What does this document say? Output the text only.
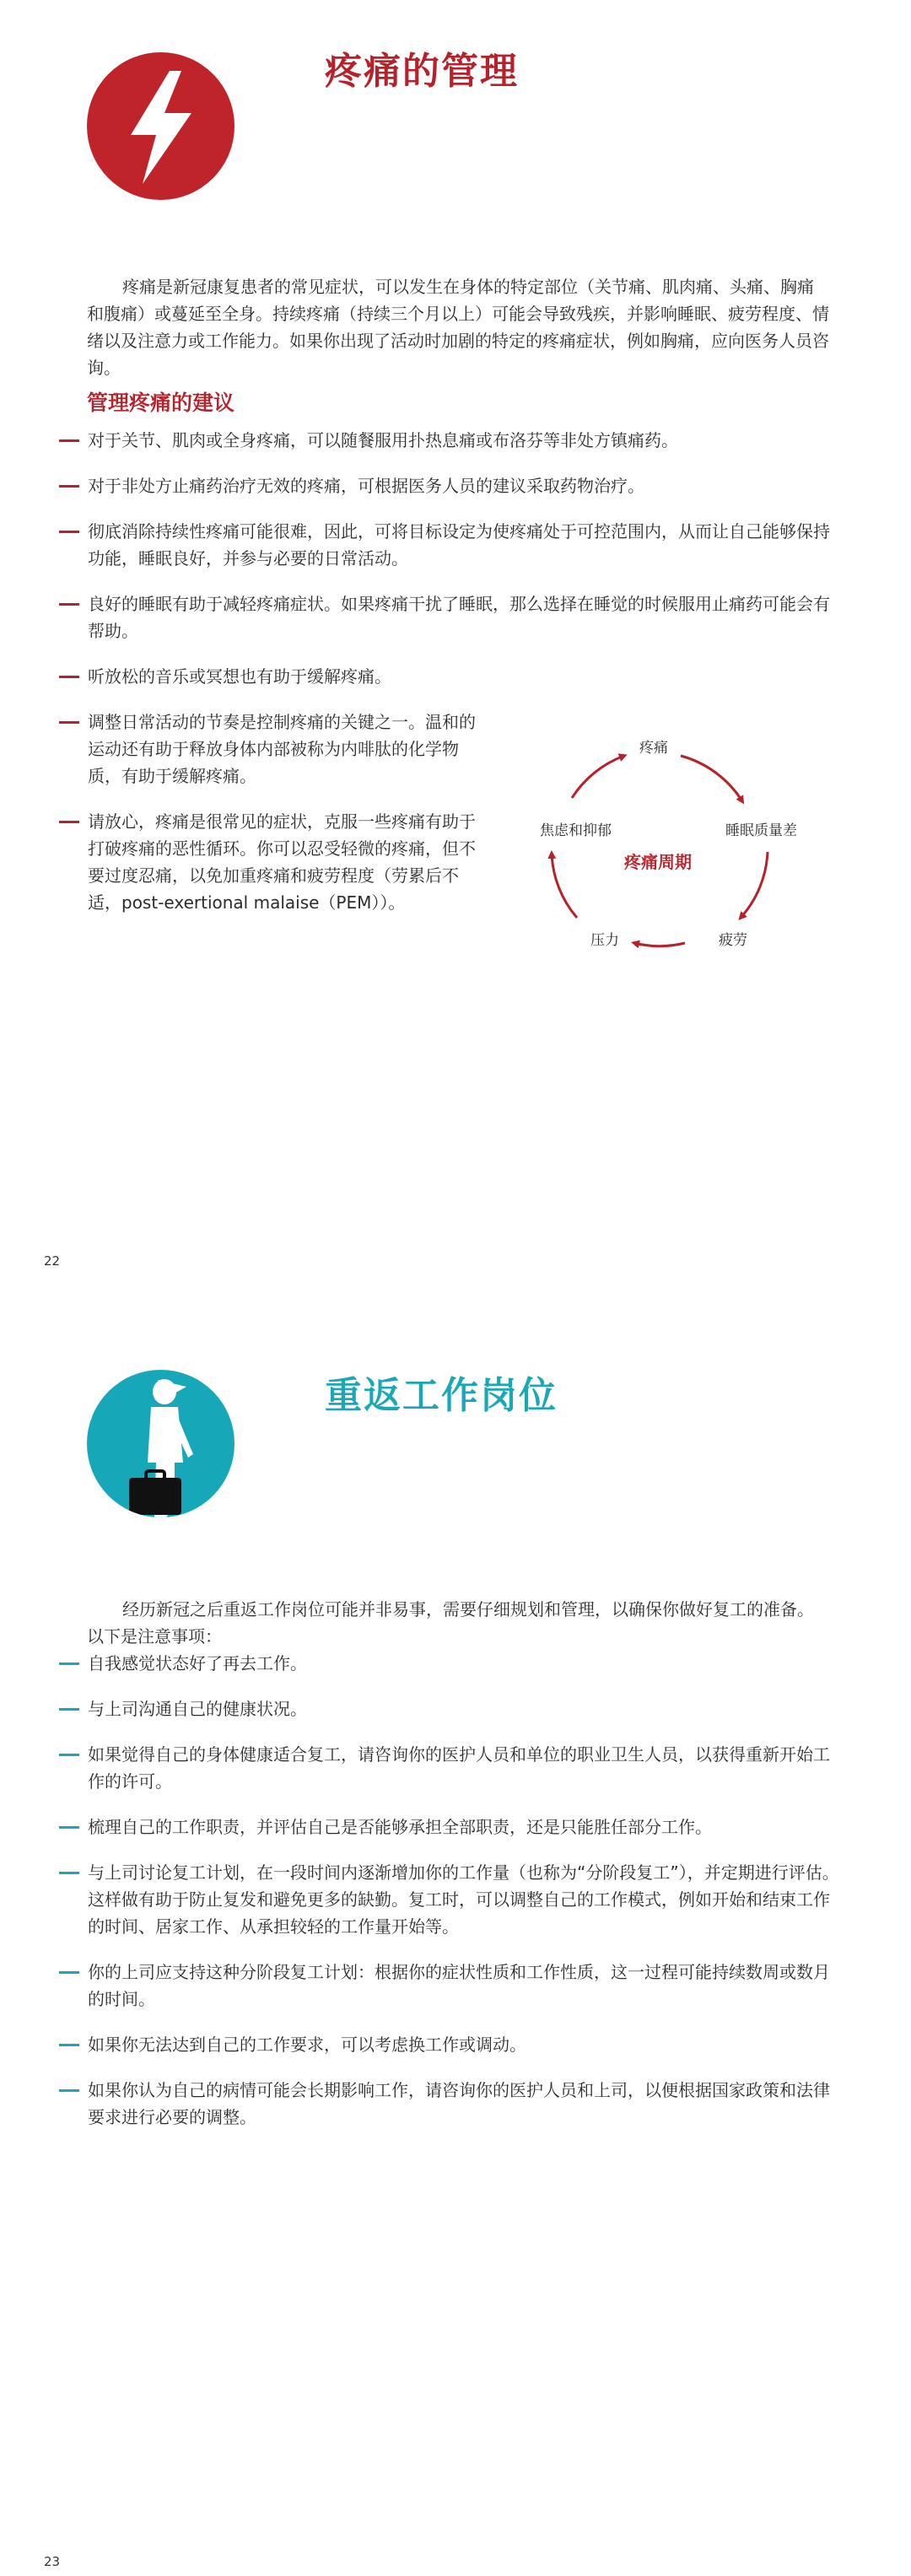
疼痛的管理

疼痛是新冠康复患者的常见症状，可以发生在身体的特定部位（关节痛、肌肉痛、头痛、胸痛和腹痛）或蔓延至全身。持续疼痛（持续三个月以上）可能会导致残疾，并影响睡眠、疲劳程度、情绪以及注意力或工作能力。如果你出现了活动时加剧的特定的疼痛症状，例如胸痛，应向医务人员咨询。

管理疼痛的建议
对于关节、肌肉或全身疼痛，可以随餐服用扑热息痛或布洛芬等非处方镇痛药。
对于非处方止痛药治疗无效的疼痛，可根据医务人员的建议采取药物治疗。
彻底消除持续性疼痛可能很难，因此，可将目标设定为使疼痛处于可控范围内，从而让自己能够保持功能，睡眠良好，并参与必要的日常活动。
良好的睡眠有助于减轻疼痛症状。如果疼痛干扰了睡眠，那么选择在睡觉的时候服用止痛药可能会有帮助。
听放松的音乐或冥想也有助于缓解疼痛。
调整日常活动的节奏是控制疼痛的关键之一。温和的运动还有助于释放身体内部被称为内啡肽的化学物质，有助于缓解疼痛。
请放心，疼痛是很常见的症状，克服一些疼痛有助于打破疼痛的恶性循环。你可以忍受轻微的疼痛，但不要过度忍痛，以免加重疼痛和疲劳程度（劳累后不适，post-exertional malaise（PEM））。
疼痛
睡眠质量差
疲劳
压力
焦虑和抑郁
疼痛周期
22
重返工作岗位

经历新冠之后重返工作岗位可能并非易事，需要仔细规划和管理，以确保你做好复工的准备。以下是注意事项：

自我感觉状态好了再去工作。
与上司沟通自己的健康状况。
如果觉得自己的身体健康适合复工，请咨询你的医护人员和单位的职业卫生人员，以获得重新开始工作的许可。
梳理自己的工作职责，并评估自己是否能够承担全部职责，还是只能胜任部分工作。
与上司讨论复工计划，在一段时间内逐渐增加你的工作量（也称为“分阶段复工”），并定期进行评估。这样做有助于防止复发和避免更多的缺勤。复工时，可以调整自己的工作模式，例如开始和结束工作的时间、居家工作、从承担较轻的工作量开始等。
你的上司应支持这种分阶段复工计划：根据你的症状性质和工作性质，这一过程可能持续数周或数月的时间。
如果你无法达到自己的工作要求，可以考虑换工作或调动。
如果你认为自己的病情可能会长期影响工作，请咨询你的医护人员和上司，以便根据国家政策和法律要求进行必要的调整。
23
